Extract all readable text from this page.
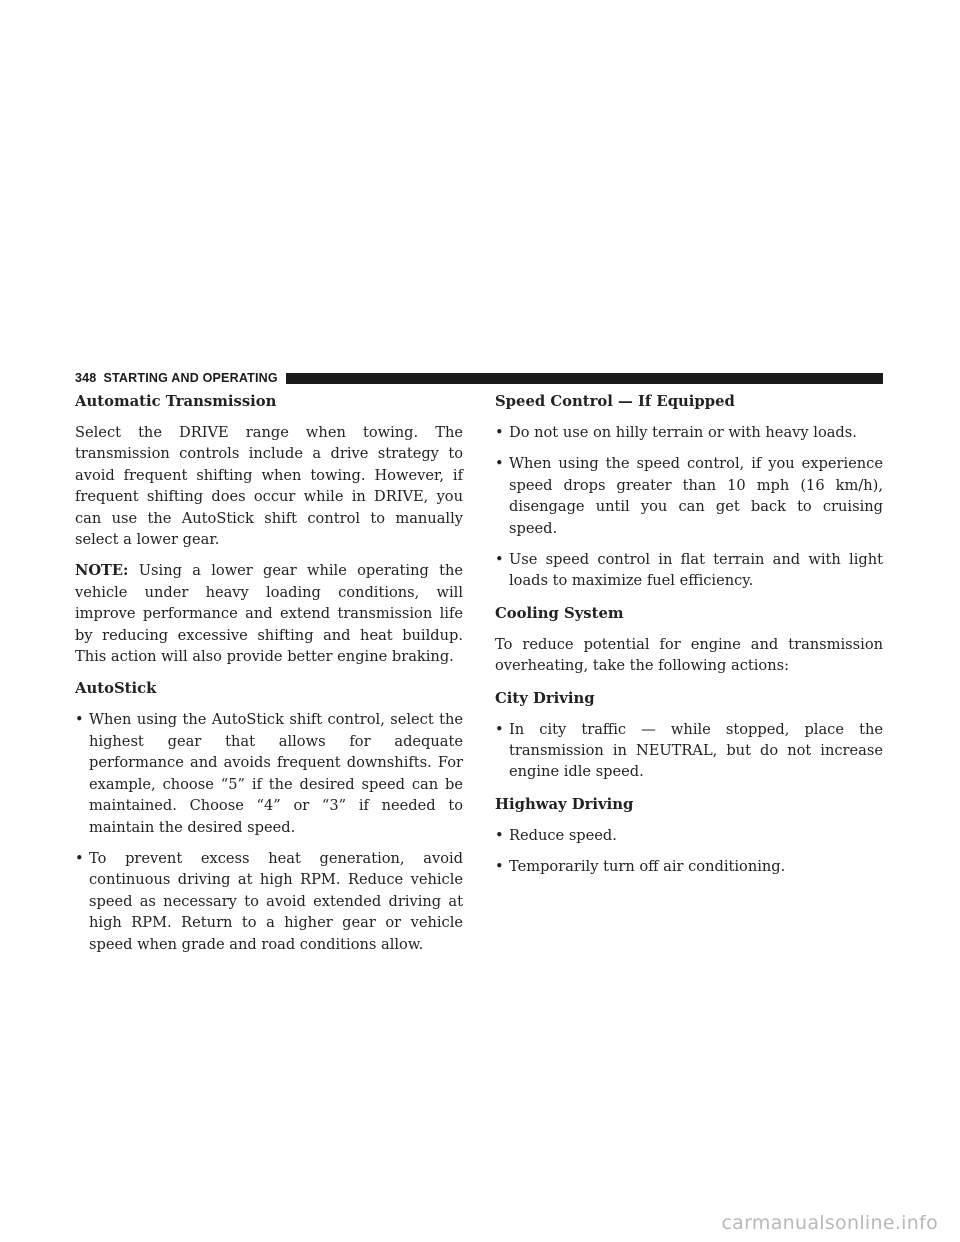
348 STARTING AND OPERATING
Automatic Transmission

Select the DRIVE range when towing. The transmission controls include a drive strategy to avoid frequent shifting when towing. However, if frequent shifting does occur while in DRIVE, you can use the AutoStick shift control to manually select a lower gear.

NOTE: Using a lower gear while operating the vehicle under heavy loading conditions, will improve performance and extend transmission life by reducing excessive shifting and heat buildup. This action will also provide better engine braking.

AutoStick
• When using the AutoStick shift control, select the highest gear that allows for adequate performance and avoids frequent downshifts. For example, choose “5” if the desired speed can be maintained. Choose “4” or “3” if needed to maintain the desired speed.
• To prevent excess heat generation, avoid continuous driving at high RPM. Reduce vehicle speed as necessary to avoid extended driving at high RPM. Return to a higher gear or vehicle speed when grade and road conditions allow.
Speed Control — If Equipped
• Do not use on hilly terrain or with heavy loads.
• When using the speed control, if you experience speed drops greater than 10 mph (16 km/h), disengage until you can get back to cruising speed.
• Use speed control in flat terrain and with light loads to maximize fuel efficiency.
Cooling System

To reduce potential for engine and transmission overheating, take the following actions:

City Driving
• In city traffic — while stopped, place the transmission in NEUTRAL, but do not increase engine idle speed.
Highway Driving
• Reduce speed.
• Temporarily turn off air conditioning.
carmanualsonline.info
